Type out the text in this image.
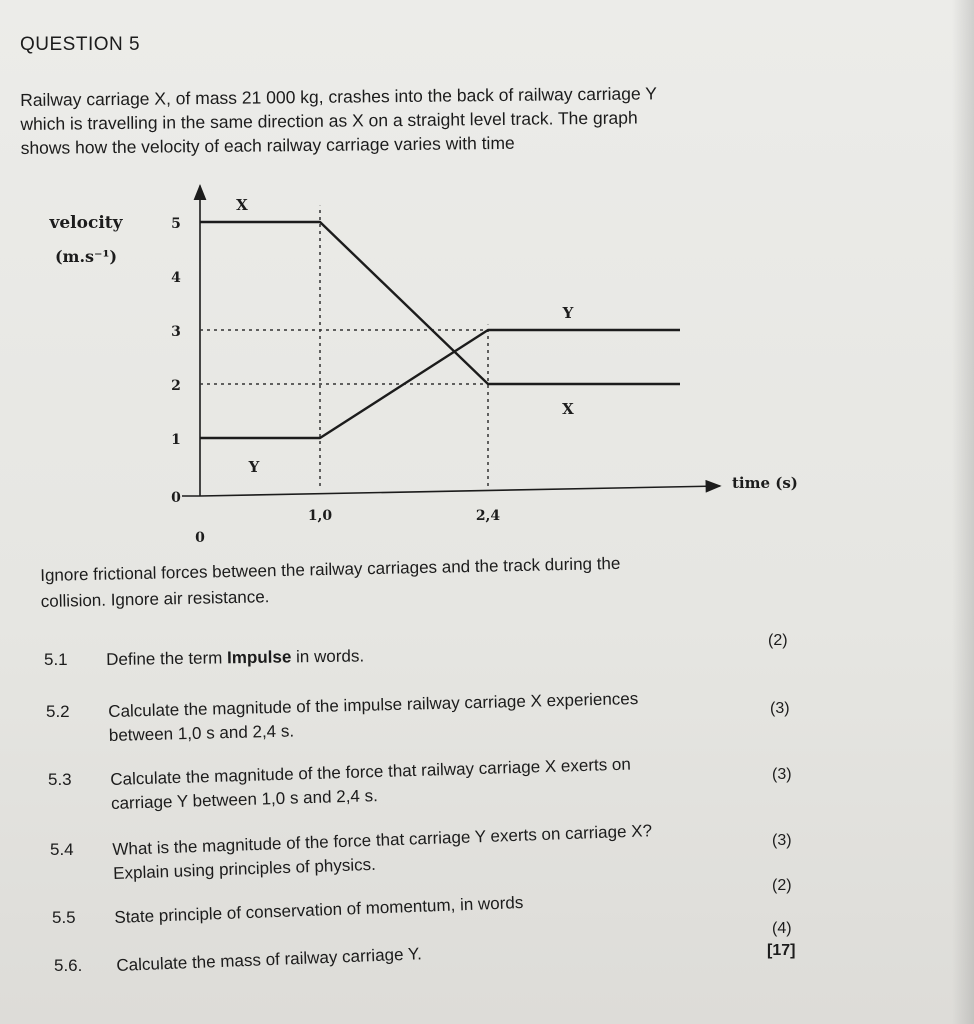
QUESTION 5
Railway carriage X, of mass 21 000 kg, crashes into the back of railway carriage Y
which is travelling in the same direction as X on a straight level track. The graph
shows how the velocity of each railway carriage varies with time
0
1
2
3
4
5
1,0	2,4
0
velocity
(m.s⁻¹)
time (s)
X
Y
X
Y
Ignore frictional forces between the railway carriages and the track during the
collision. Ignore air resistance.
5.1 Define the term Impulse in words.
(2)
5.2 Calculate the magnitude of the impulse railway carriage X experiences
between 1,0 s and 2,4 s.
(3)
5.3 Calculate the magnitude of the force that railway carriage X exerts on
carriage Y between 1,0 s and 2,4 s.
(3)
5.4 What is the magnitude of the force that carriage Y exerts on carriage X?
Explain using principles of physics.
(3)
5.5 State principle of conservation of momentum, in words
(2)
5.6. Calculate the mass of railway carriage Y.
(4)
[17]
